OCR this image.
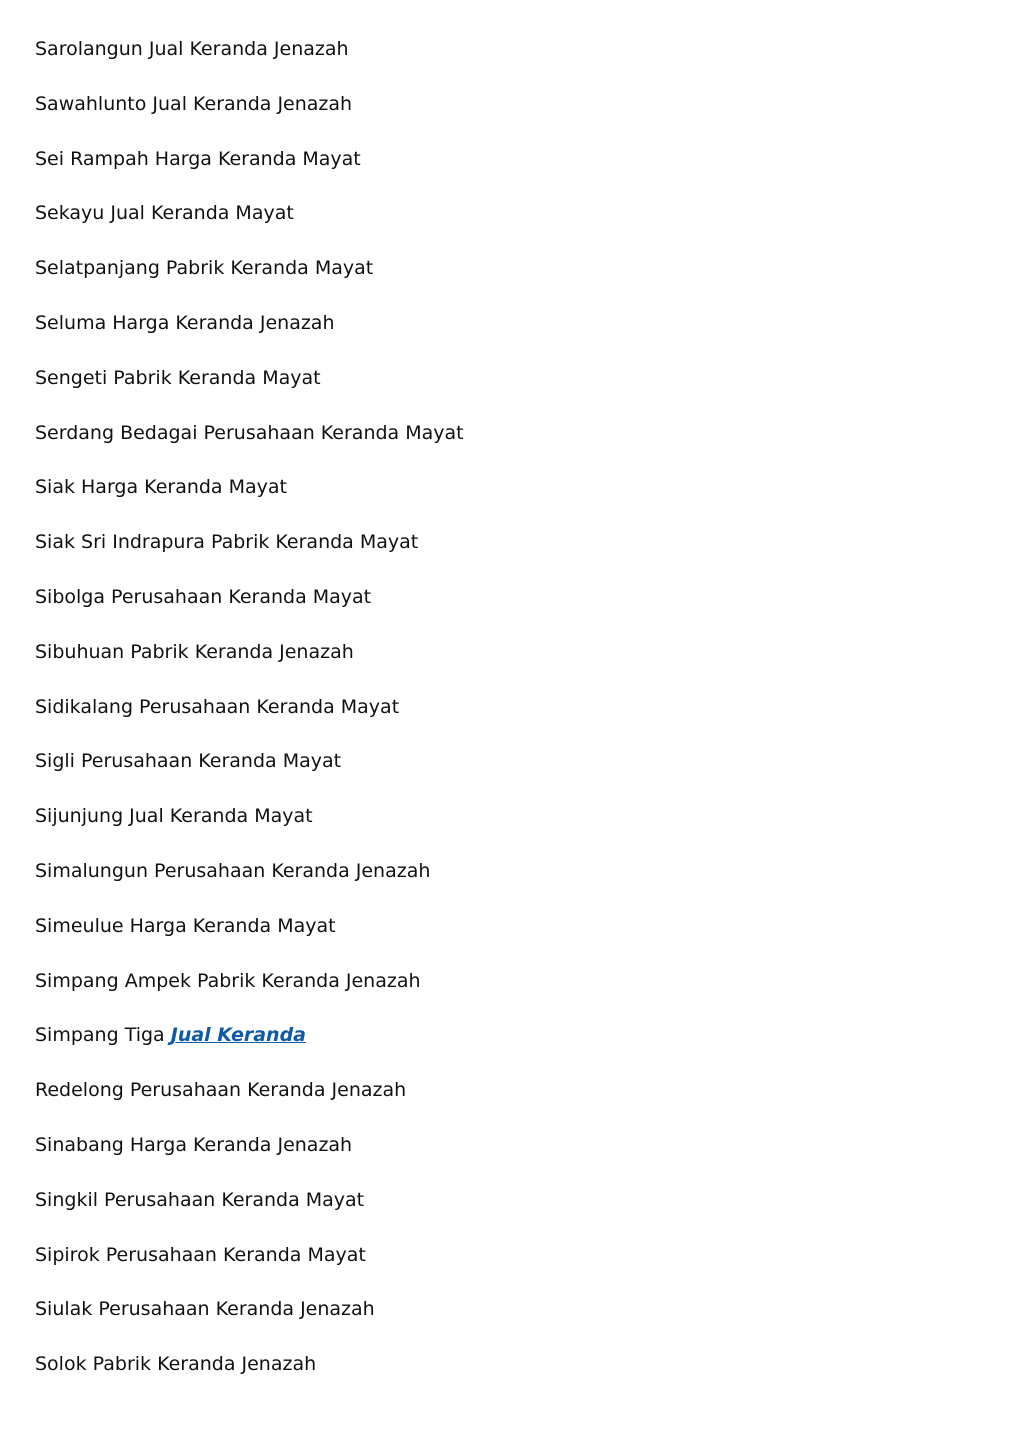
Sarolangun Jual Keranda Jenazah
Sawahlunto Jual Keranda Jenazah
Sei Rampah Harga Keranda Mayat
Sekayu Jual Keranda Mayat
Selatpanjang Pabrik Keranda Mayat
Seluma Harga Keranda Jenazah
Sengeti Pabrik Keranda Mayat
Serdang Bedagai Perusahaan Keranda Mayat
Siak Harga Keranda Mayat
Siak Sri Indrapura Pabrik Keranda Mayat
Sibolga Perusahaan Keranda Mayat
Sibuhuan Pabrik Keranda Jenazah
Sidikalang Perusahaan Keranda Mayat
Sigli Perusahaan Keranda Mayat
Sijunjung Jual Keranda Mayat
Simalungun Perusahaan Keranda Jenazah
Simeulue Harga Keranda Mayat
Simpang Ampek Pabrik Keranda Jenazah
Simpang Tiga Jual Keranda
Redelong Perusahaan Keranda Jenazah
Sinabang Harga Keranda Jenazah
Singkil Perusahaan Keranda Mayat
Sipirok Perusahaan Keranda Mayat
Siulak Perusahaan Keranda Jenazah
Solok Pabrik Keranda Jenazah
